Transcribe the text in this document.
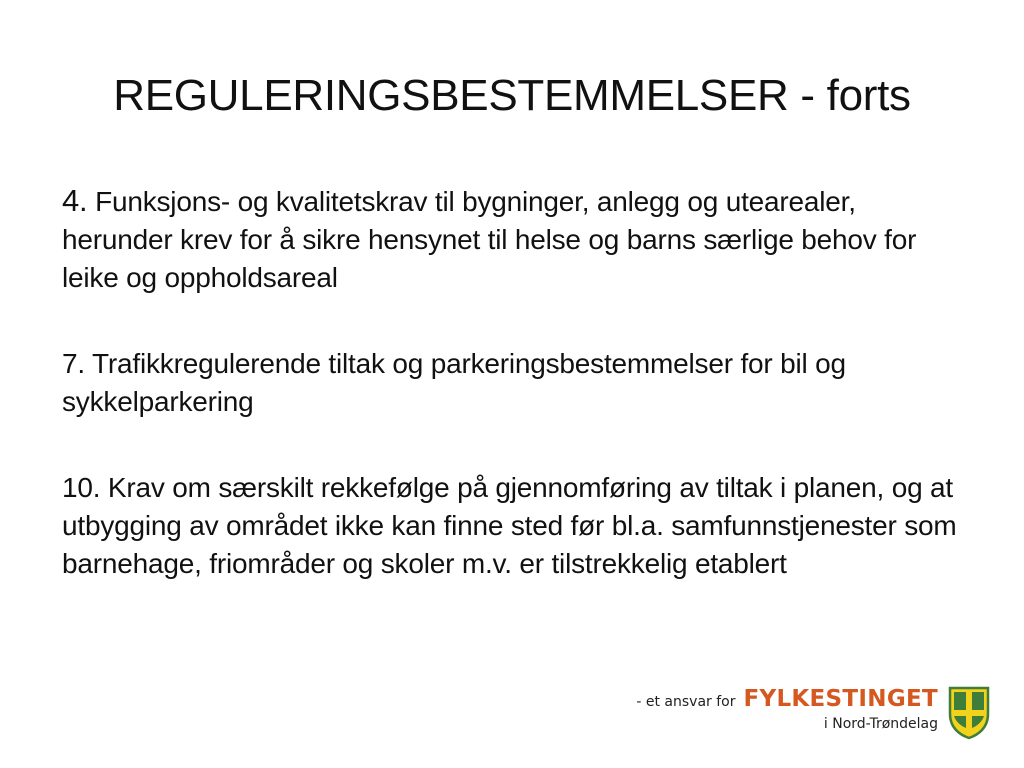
REGULERINGSBESTEMMELSER - forts

4. Funksjons- og kvalitetskrav til bygninger, anlegg og utearealer, herunder krev for å sikre hensynet til helse og barns særlige behov for leike og oppholdsareal

7. Trafikkregulerende tiltak og parkeringsbestemmelser for bil og sykkelparkering

10. Krav om særskilt rekkefølge på gjennomføring av tiltak i planen, og at utbygging av området ikke kan finne sted før bl.a. samfunnstjenester som barnehage, friområder og skoler m.v. er tilstrekkelig etablert

- et ansvar for FYLKESTINGET
i Nord-Trøndelag
